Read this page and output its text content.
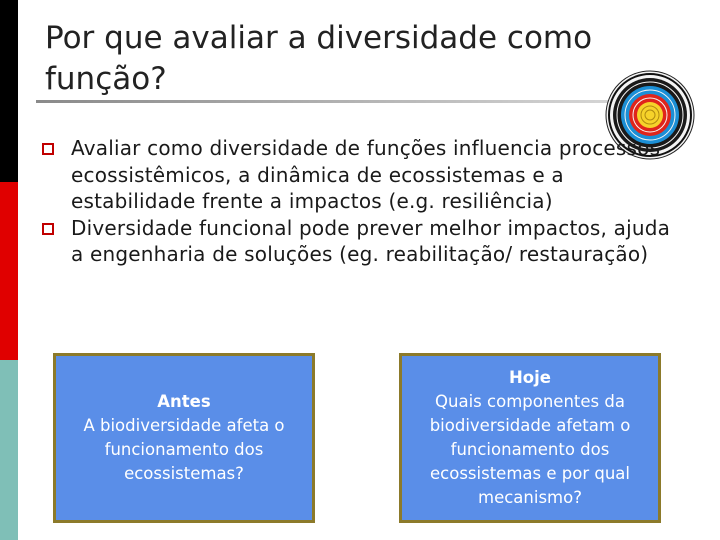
Por que avaliar a diversidade como função?
Avaliar como diversidade de funções influencia processos ecossistêmicos, a dinâmica de ecossistemas e a estabilidade frente a impactos (e.g. resiliência)
Diversidade funcional pode prever melhor impactos, ajuda a engenharia de soluções (eg. reabilitação/ restauração)
Antes
A biodiversidade afeta o funcionamento dos ecossistemas?
Hoje
Quais componentes da biodiversidade afetam o funcionamento dos ecossistemas e por qual mecanismo?
